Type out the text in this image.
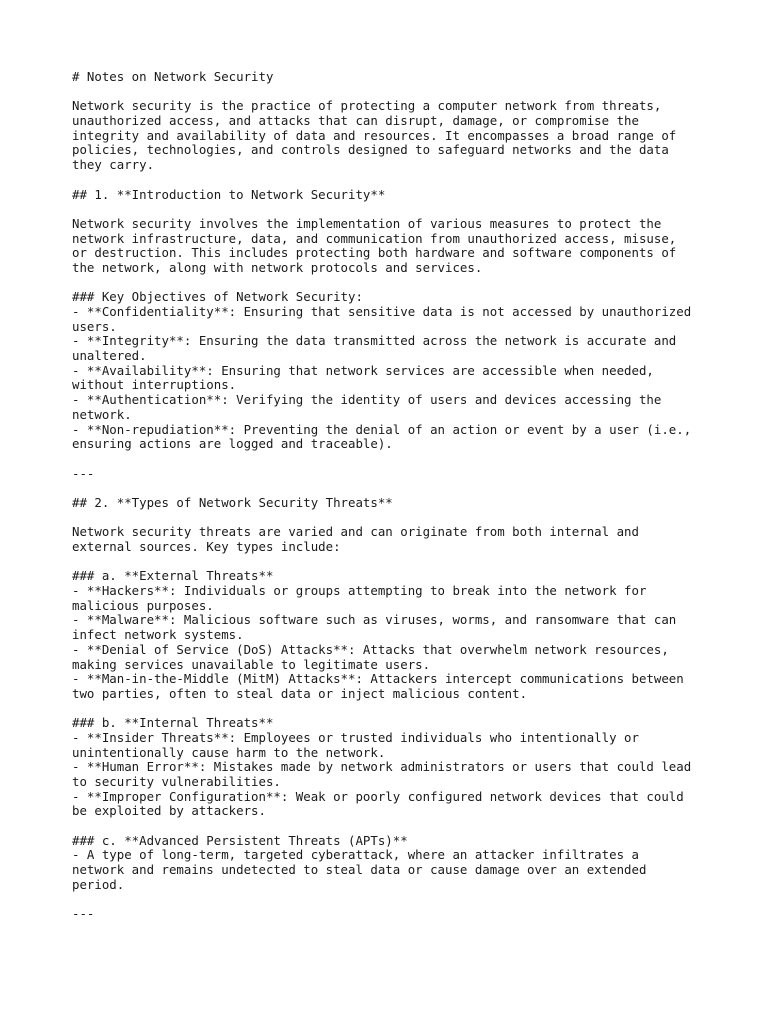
# Notes on Network Security
Network security is the practice of protecting a computer network from threats,
unauthorized access, and attacks that can disrupt, damage, or compromise the
integrity and availability of data and resources. It encompasses a broad range of
policies, technologies, and controls designed to safeguard networks and the data
they carry.
## 1. **Introduction to Network Security**
Network security involves the implementation of various measures to protect the
network infrastructure, data, and communication from unauthorized access, misuse,
or destruction. This includes protecting both hardware and software components of
the network, along with network protocols and services.
### Key Objectives of Network Security:
- **Confidentiality**: Ensuring that sensitive data is not accessed by unauthorized
users.
- **Integrity**: Ensuring the data transmitted across the network is accurate and
unaltered.
- **Availability**: Ensuring that network services are accessible when needed,
without interruptions.
- **Authentication**: Verifying the identity of users and devices accessing the
network.
- **Non-repudiation**: Preventing the denial of an action or event by a user (i.e.,
ensuring actions are logged and traceable).
---
## 2. **Types of Network Security Threats**
Network security threats are varied and can originate from both internal and
external sources. Key types include:
### a. **External Threats**
- **Hackers**: Individuals or groups attempting to break into the network for
malicious purposes.
- **Malware**: Malicious software such as viruses, worms, and ransomware that can
infect network systems.
- **Denial of Service (DoS) Attacks**: Attacks that overwhelm network resources,
making services unavailable to legitimate users.
- **Man-in-the-Middle (MitM) Attacks**: Attackers intercept communications between
two parties, often to steal data or inject malicious content.
### b. **Internal Threats**
- **Insider Threats**: Employees or trusted individuals who intentionally or
unintentionally cause harm to the network.
- **Human Error**: Mistakes made by network administrators or users that could lead
to security vulnerabilities.
- **Improper Configuration**: Weak or poorly configured network devices that could
be exploited by attackers.
### c. **Advanced Persistent Threats (APTs)**
- A type of long-term, targeted cyberattack, where an attacker infiltrates a
network and remains undetected to steal data or cause damage over an extended
period.
---
